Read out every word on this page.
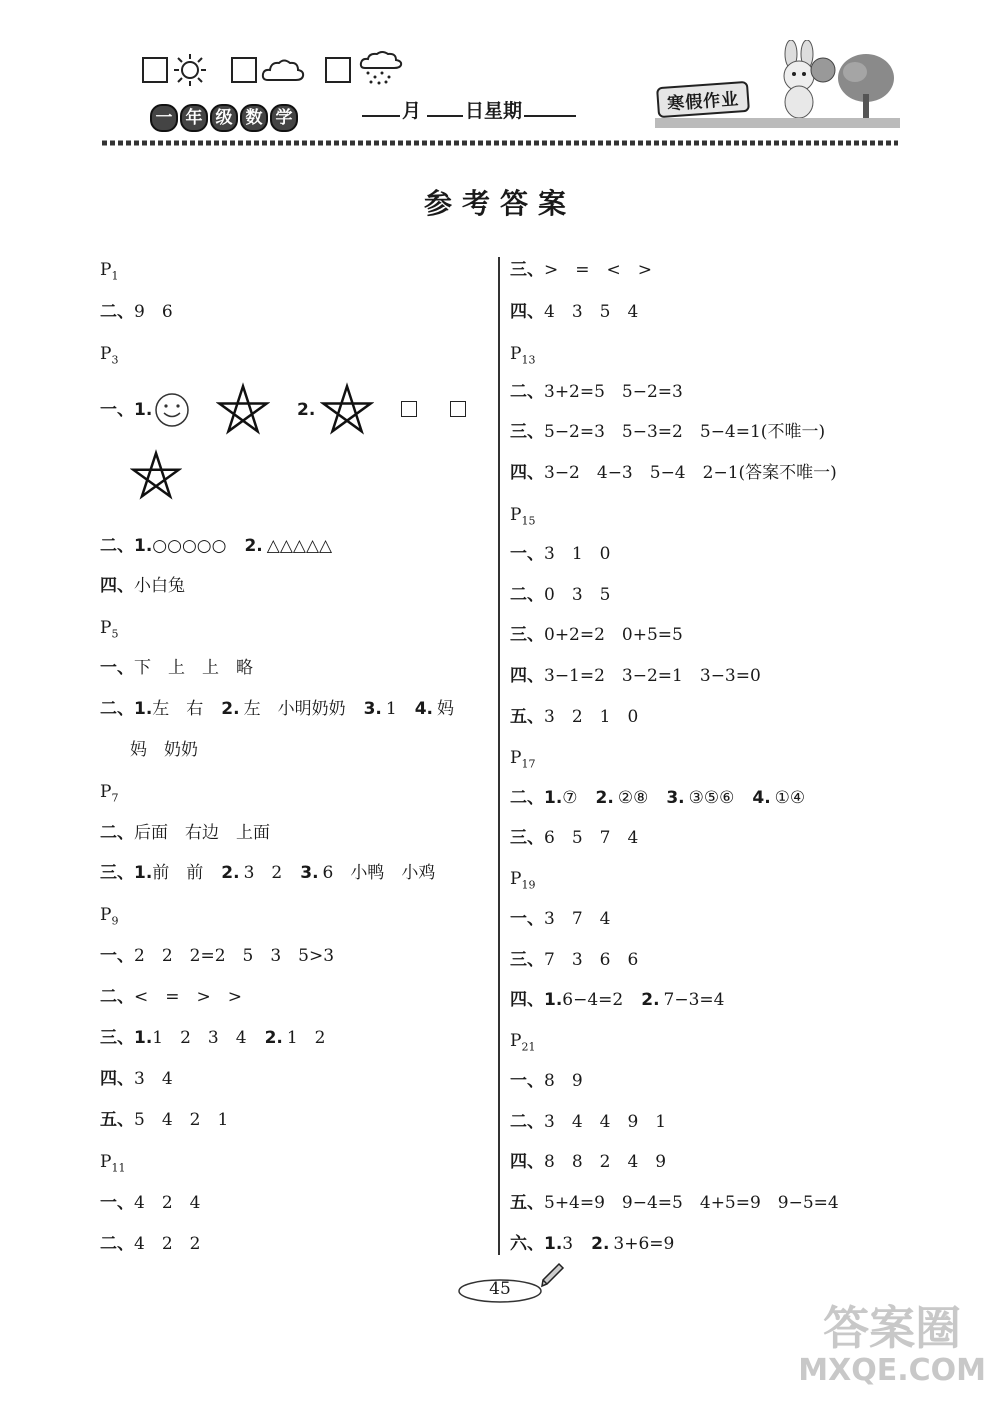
一 年 级 数 学	月 日星期	寒假作业
参考答案
$P_1$
二、9　6
$P_3$
一、1.	2.
二、1.○○○○○ 2. △△△△△
四、小白兔
$P_5$
一、下　上　上　略
二、1.左　右 2. 左　小明奶奶 3. 1 4. 妈
妈　奶奶
$P_7$
二、后面　右边　上面
三、1.前　前 2. 3　2 3. 6　小鸭　小鸡
$P_9$
一、2　2　2=2　5　3　5>3
二、<　=　>　>
三、1.1　2　3　4 2. 1　2
四、3　4
五、5　4　2　1
$P_{11}$
一、4　2　4
二、4　2　2
三、>　=　<　>
四、4　3　5　4
$P_{13}$
二、3+2=5　5−2=3
三、5−2=3　5−3=2　5−4=1(不唯一)
四、3−2　4−3　5−4　2−1(答案不唯一)
$P_{15}$
一、3　1　0
二、0　3　5
三、0+2=2　0+5=5
四、3−1=2　3−2=1　3−3=0
五、3　2　1　0
$P_{17}$
二、1.⑦ 2. ②⑧ 3. ③⑤⑥ 4. ①④
三、6　5　7　4
$P_{19}$
一、3　7　4
三、7　3　6　6
四、1.6−4=2 2. 7−3=4
$P_{21}$
一、8　9
二、3　4　4　9　1
四、8　8　2　4　9
五、5+4=9　9−4=5　4+5=9　9−5=4
六、1.3 2. 3+6=9
45
答案圈
MXQE.COM
